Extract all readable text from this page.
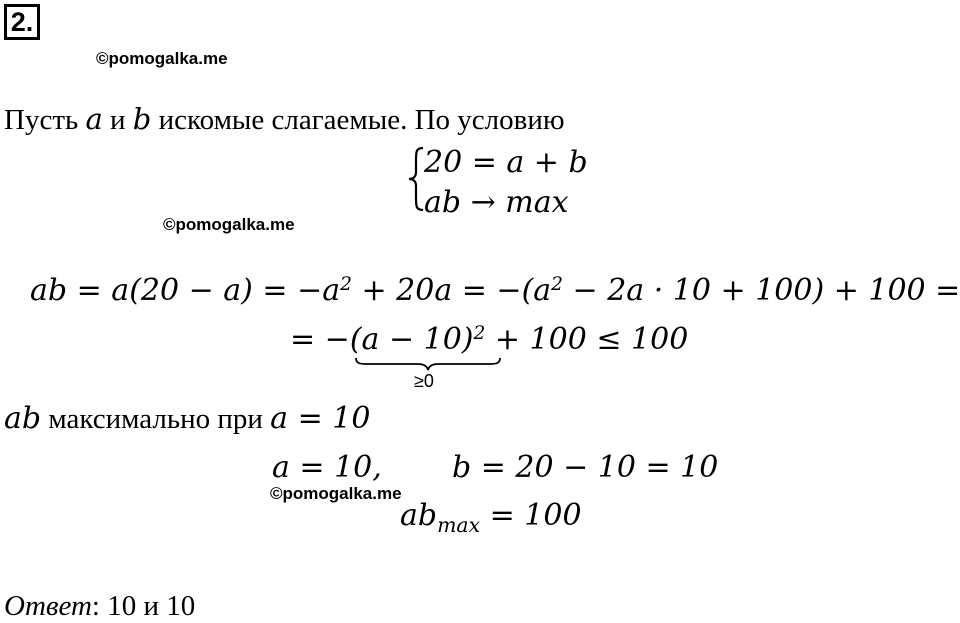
2.
©pomogalka.me
©pomogalka.me
©pomogalka.me
Пусть a и b искомые слагаемые. По условию
20 = a + b
ab → max
ab = $a(20 - a) = -a^2 + 20a = -(a^2 - 2a \cdot 10 + 100) + 100$ =
= $-(a - 10)^2 + 100 \le 100$
≥0
ab максимально при a = 10
a = 10, b = 20 − 10 = 10
$ab_{max} = 100$
Ответ: 10 и 10
